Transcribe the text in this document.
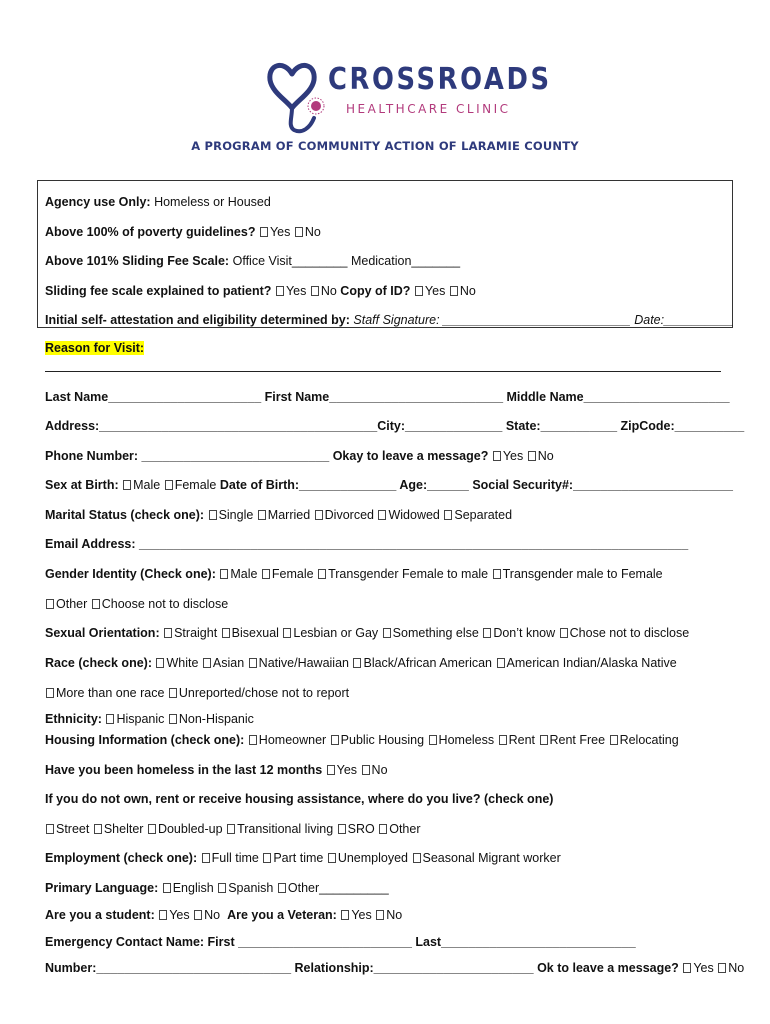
CROSSROADS
HEALTHCARE CLINIC
A PROGRAM OF COMMUNITY ACTION OF LARAMIE COUNTY
Agency use Only: Homeless or Housed
Above 100% of poverty guidelines? Yes No
Above 101% Sliding Fee Scale: Office Visit________ Medication_______
Sliding fee scale explained to patient? Yes No Copy of ID? Yes No
Initial self- attestation and eligibility determined by: Staff Signature: ___________________________ Date:__________
Reason for Visit:
Last Name______________________ First Name_________________________ Middle Name_____________________
Address:________________________________________City:______________ State:___________ ZipCode:__________
Phone Number: ___________________________ Okay to leave a message? Yes No
Sex at Birth: Male Female Date of Birth:______________ Age:______ Social Security#:_______________________
Marital Status (check one): Single Married Divorced Widowed Separated
Email Address: _______________________________________________________________________________
Gender Identity (Check one): Male Female Transgender Female to male Transgender male to Female
Other Choose not to disclose
Sexual Orientation: Straight Bisexual Lesbian or Gay Something else Don’t know Chose not to disclose
Race (check one): White Asian Native/Hawaiian Black/African American American Indian/Alaska Native
More than one race Unreported/chose not to report
Ethnicity: Hispanic Non-Hispanic
Housing Information (check one): Homeowner Public Housing Homeless Rent Rent Free Relocating
Have you been homeless in the last 12 months Yes No
If you do not own, rent or receive housing assistance, where do you live? (check one)
Street Shelter Doubled-up Transitional living SRO Other
Employment (check one): Full time Part time Unemployed Seasonal Migrant worker
Primary Language: English Spanish Other__________
Are you a student: Yes No Are you a Veteran: Yes No
Emergency Contact Name: First _________________________ Last____________________________
Number:____________________________ Relationship:_______________________ Ok to leave a message? Yes No
